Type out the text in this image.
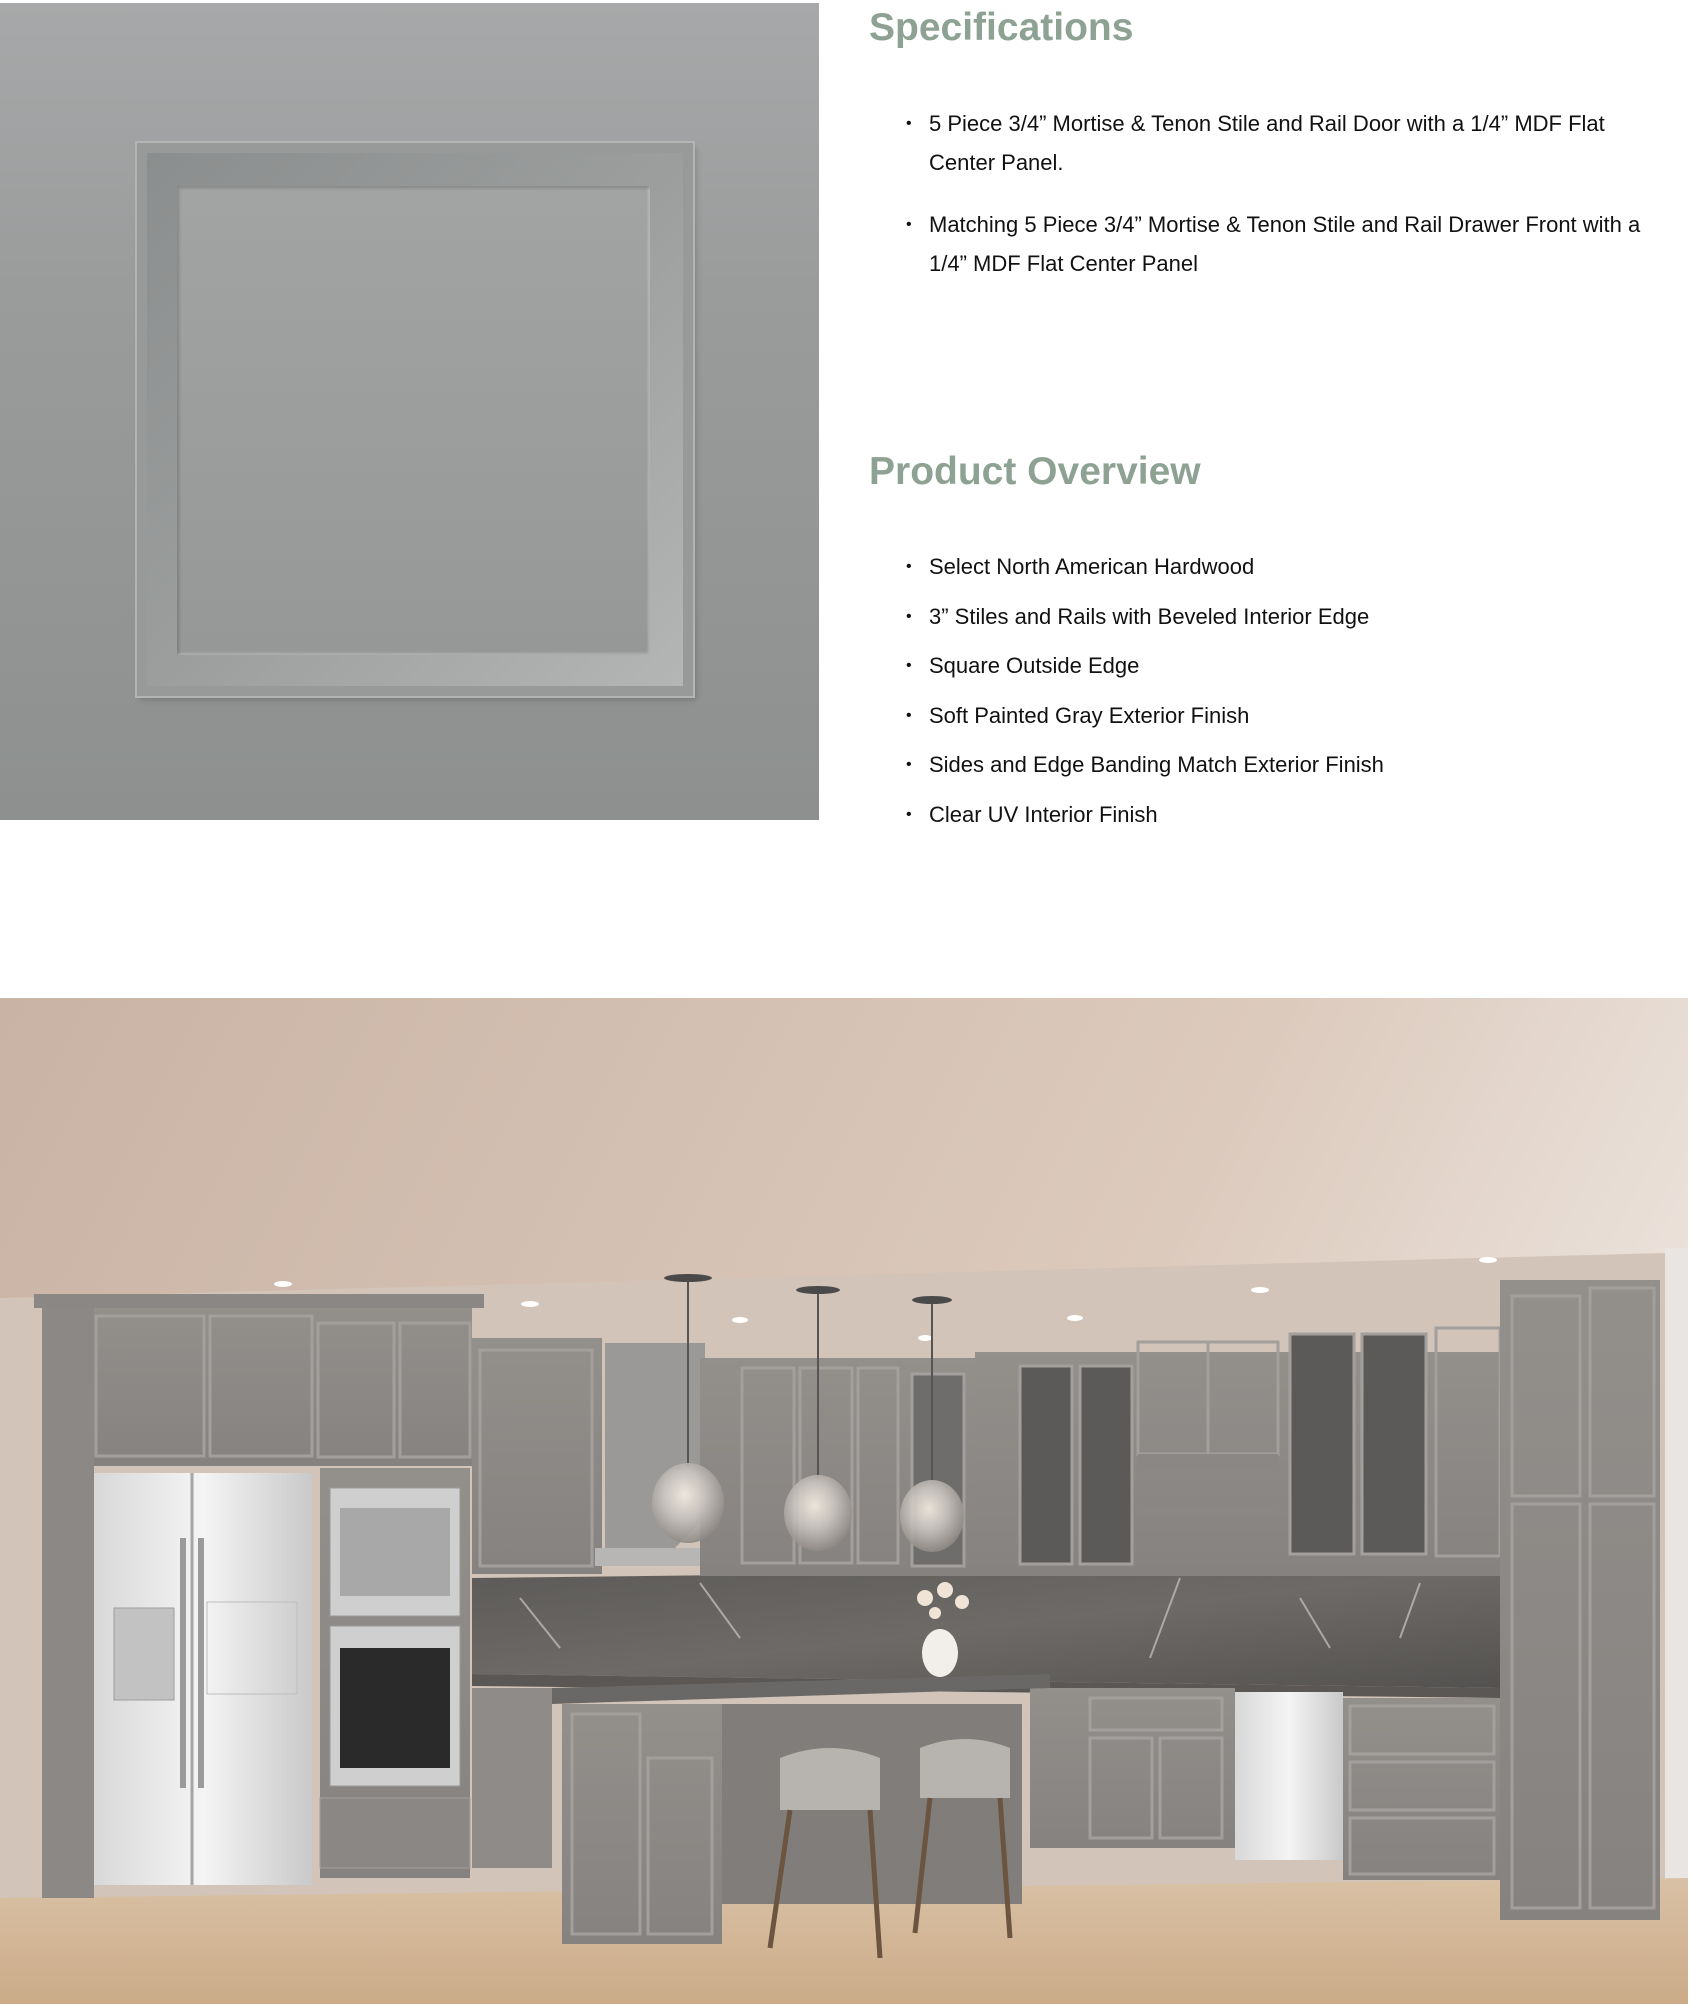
Specifications
• 5 Piece 3/4” Mortise & Tenon Stile and Rail Door with a 1/4” MDF Flat Center Panel.
• Matching 5 Piece 3/4” Mortise & Tenon Stile and Rail Drawer Front with a 1/4” MDF Flat Center Panel
Product Overview
• Select North American Hardwood
• 3” Stiles and Rails with Beveled Interior Edge
• Square Outside Edge
• Soft Painted Gray Exterior Finish
• Sides and Edge Banding Match Exterior Finish
• Clear UV Interior Finish
